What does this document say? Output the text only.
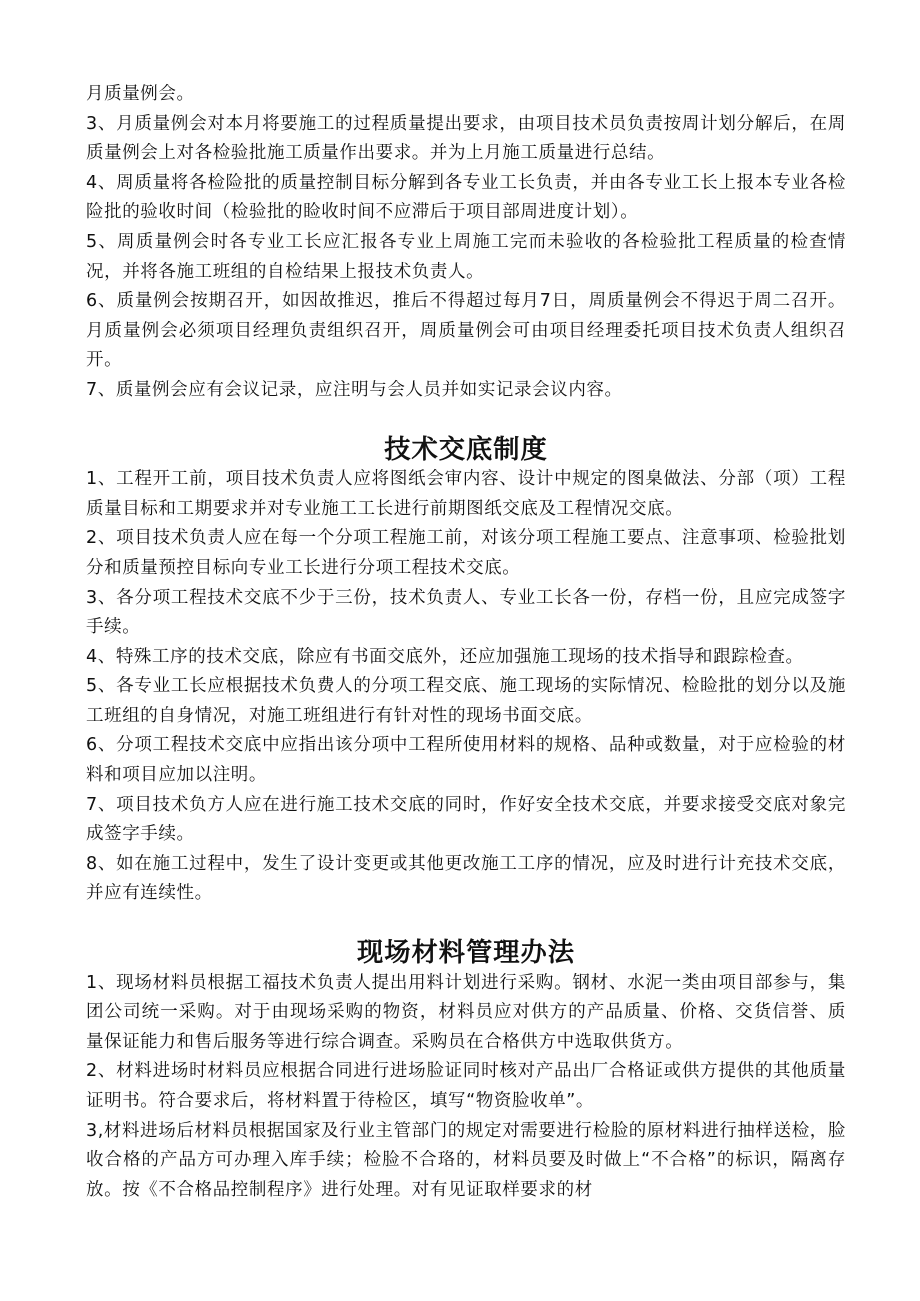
月质量例会。

3、月质量例会对本月将要施工的过程质量提出要求，由项目技术员负责按周计划分解后，在周质量例会上对各检验批施工质量作出要求。并为上月施工质量进行总结。

4、周质量将各检险批的质量控制目标分解到各专业工长负责，并由各专业工长上报本专业各检险批的验收时间（检验批的睑收时间不应滞后于项目部周进度计划）。

5、周质量例会时各专业工长应汇报各专业上周施工完而未验收的各检验批工程质量的检查情况，并将各施工班组的自检结果上报技术负责人。

6、质量例会按期召开，如因故推迟，推后不得超过每月7日，周质量例会不得迟于周二召开。月质量例会必须项目经理负责组织召开，周质量例会可由项目经理委托项目技术负责人组织召开。

7、质量例会应有会议记录，应注明与会人员并如实记录会议内容。

技术交底制度

1、工程开工前，项目技术负责人应将图纸会审内容、设计中规定的图臬做法、分部（项）工程质量目标和工期要求并对专业施工工长进行前期图纸交底及工程情况交底。

2、项目技术负责人应在每一个分项工程施工前，对该分项工程施工要点、注意事项、检验批划分和质量预控目标向专业工长进行分项工程技术交底。

3、各分项工程技术交底不少于三份，技术负责人、专业工长各一份，存档一份，且应完成签字手续。

4、特殊工序的技术交底，除应有书面交底外，还应加强施工现场的技术指导和跟踪检查。

5、各专业工长应根据技术负费人的分项工程交底、施工现场的实际情况、检睑批的划分以及施工班组的自身情况，对施工班组进行有针对性的现场书面交底。

6、分项工程技术交底中应指出该分项中工程所使用材料的规格、品种或数量，对于应检验的材料和项目应加以注明。

7、项目技术负方人应在进行施工技术交底的同时，作好安全技术交底，并要求接受交底对象完成签字手续。

8、如在施工过程中，发生了设计变更或其他更改施工工序的情况，应及时进行计充技术交底，并应有连续性。

现场材料管理办法

1、现场材料员根据工福技术负责人提出用料计划进行采购。钢材、水泥一类由项目部参与，集团公司统一采购。对于由现场采购的物资，材料员应对供方的产品质量、价格、交货信誉、质量保证能力和售后服务等进行综合调查。采购员在合格供方中选取供货方。

2、材料进场时材料员应根据合同进行进场脸证同时核对产品出厂合格证或供方提供的其他质量证明书。符合要求后，将材料置于待检区，填写“物资脸收单”。

3,材料进场后材料员根据国家及行业主管部门的规定对需要进行检脸的原材料进行抽样送检，脸收合格的产品方可办理入库手续；检脸不合珞的，材料员要及时做上“不合格”的标识，隔离存放。按《不合格品控制程序》进行处理。对有见证取样要求的材
